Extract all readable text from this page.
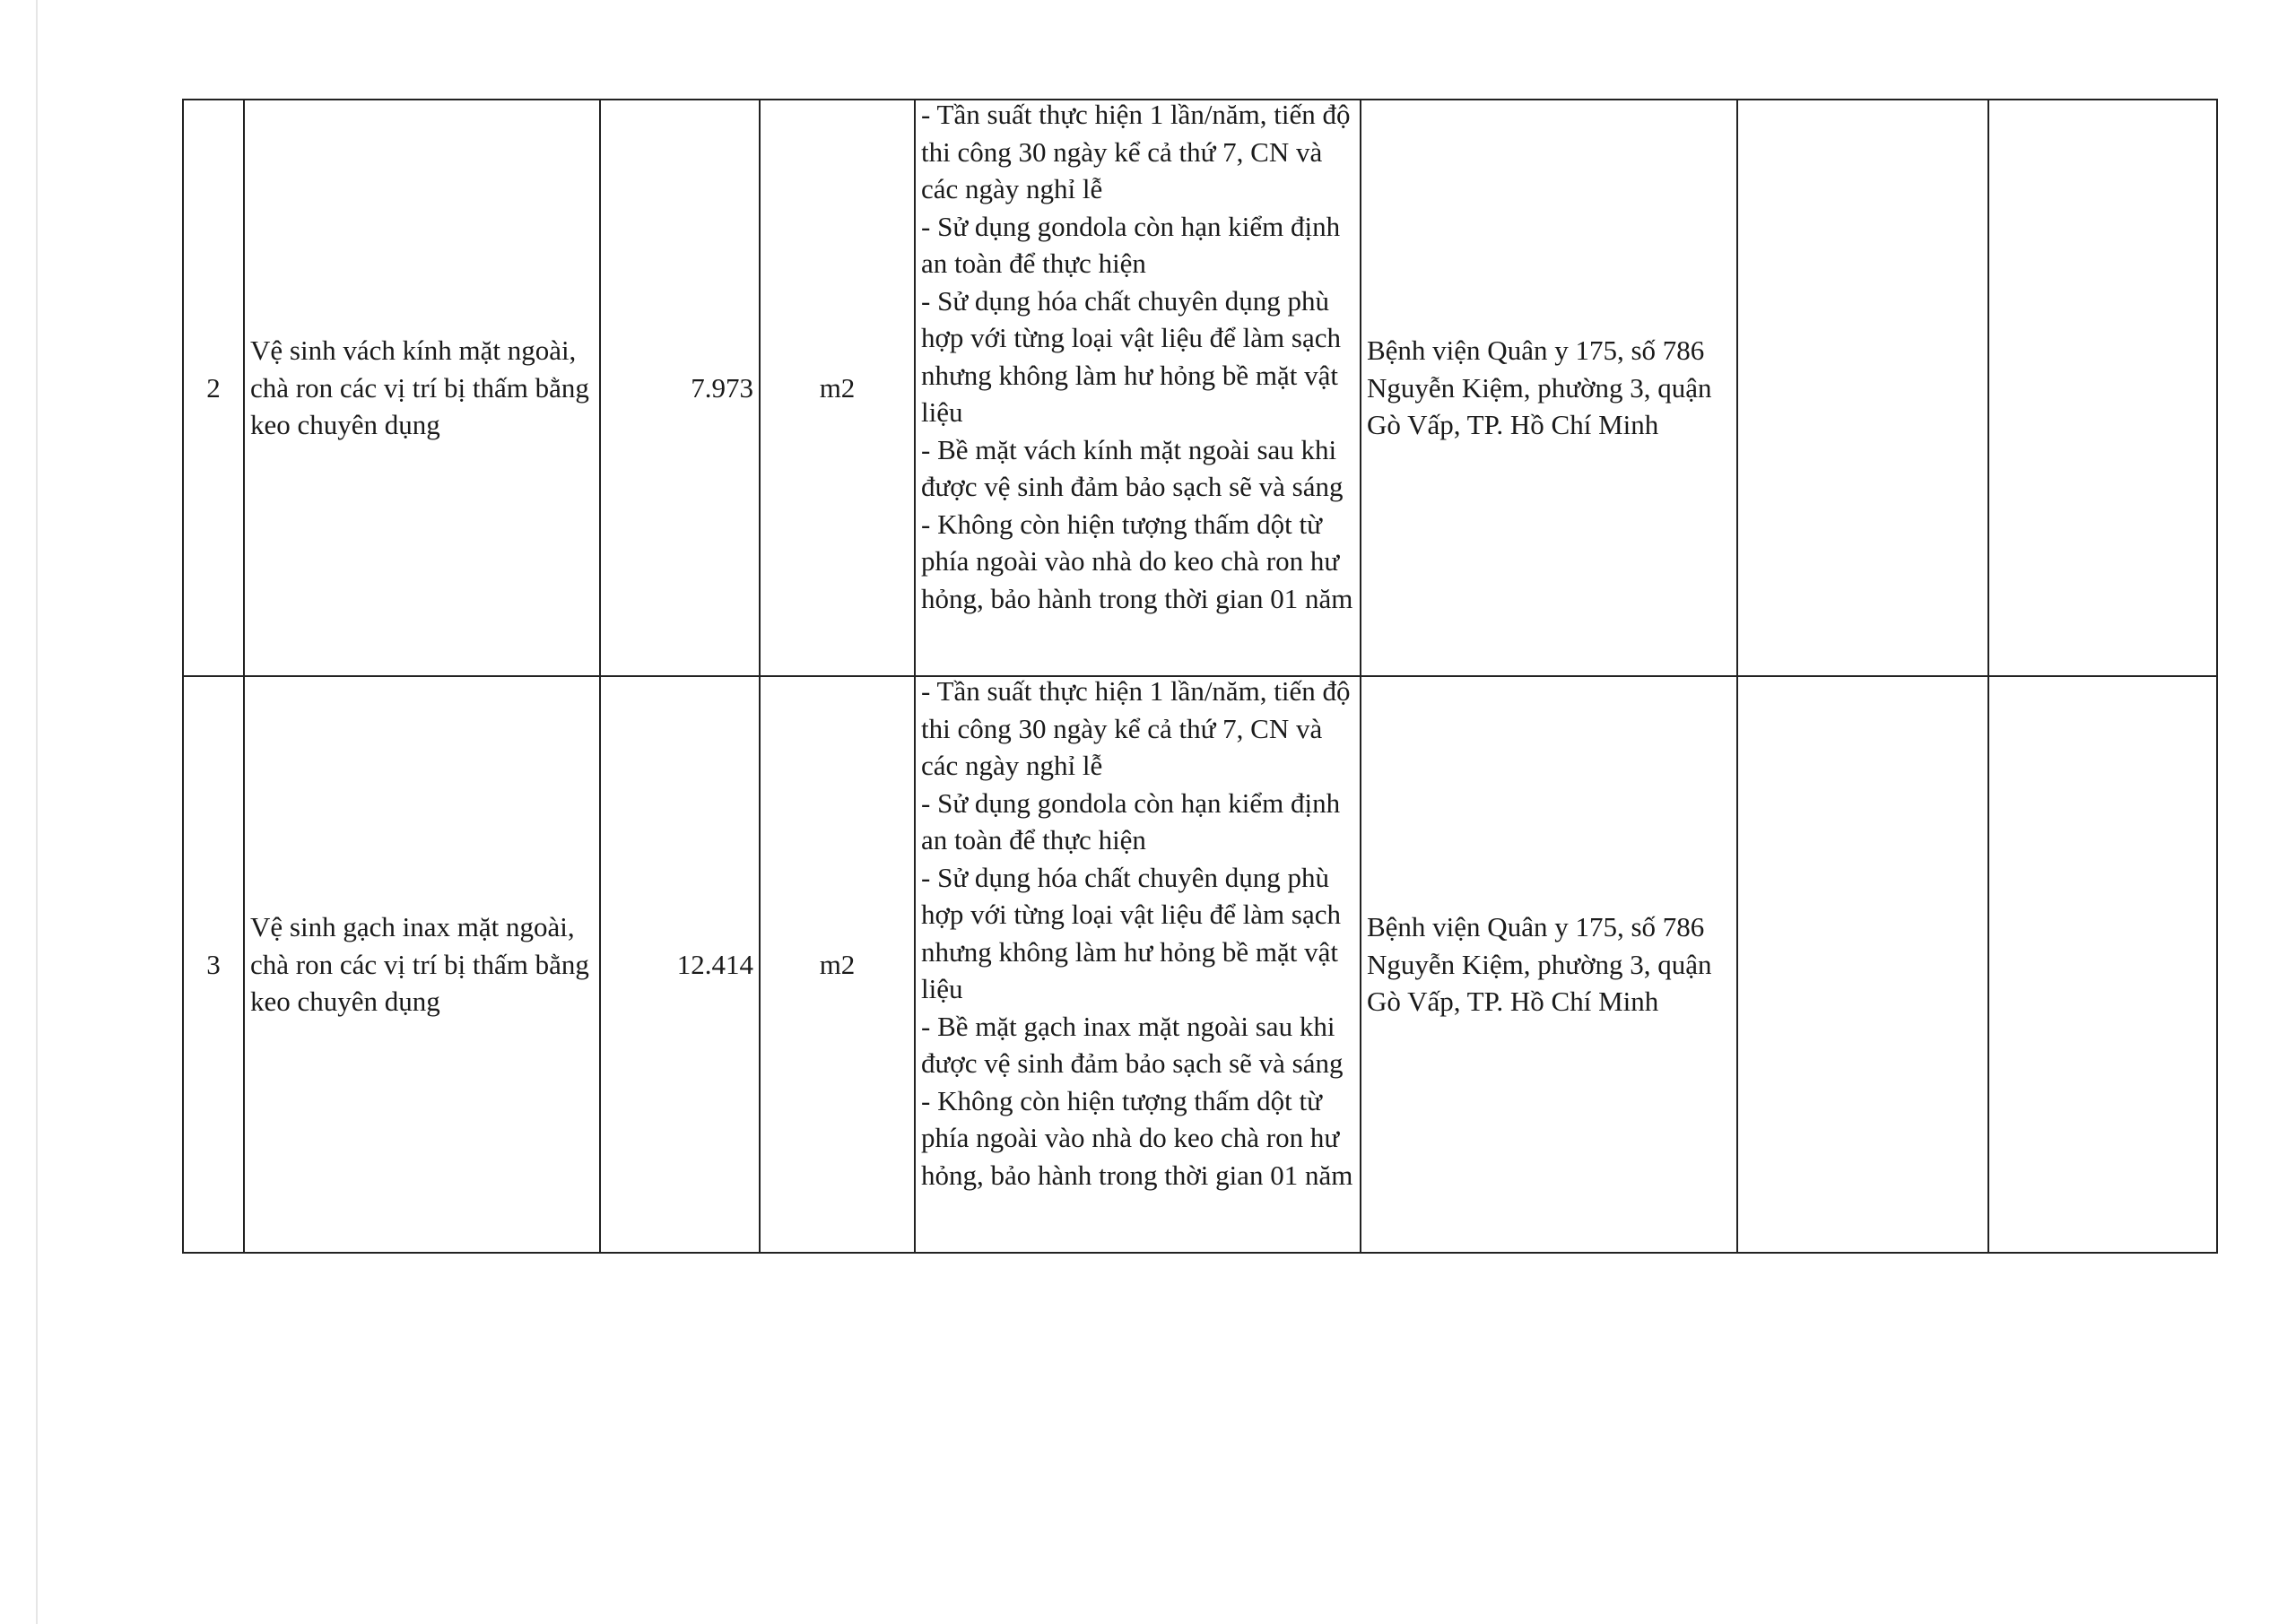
2	Vệ sinh vách kính mặt ngoài, chà ron các vị trí bị thấm bằng keo chuyên dụng	7.973	m2	- Tần suất thực hiện 1 lần/năm, tiến độ thi công 30 ngày kể cả thứ 7, CN và các ngày nghỉ lễ
- Sử dụng gondola còn hạn kiểm định an toàn để thực hiện
- Sử dụng hóa chất chuyên dụng phù hợp với từng loại vật liệu để làm sạch nhưng không làm hư hỏng bề mặt vật liệu
- Bề mặt vách kính mặt ngoài sau khi được vệ sinh đảm bảo sạch sẽ và sáng
- Không còn hiện tượng thấm dột từ phía ngoài vào nhà do keo chà ron hư hỏng, bảo hành trong thời gian 01 năm	Bệnh viện Quân y 175, số 786 Nguyễn Kiệm, phường 3, quận Gò Vấp, TP. Hồ Chí Minh		
3	Vệ sinh gạch inax mặt ngoài, chà ron các vị trí bị thấm bằng keo chuyên dụng	12.414	m2	- Tần suất thực hiện 1 lần/năm, tiến độ thi công 30 ngày kể cả thứ 7, CN và các ngày nghỉ lễ
- Sử dụng gondola còn hạn kiểm định an toàn để thực hiện
- Sử dụng hóa chất chuyên dụng phù hợp với từng loại vật liệu để làm sạch nhưng không làm hư hỏng bề mặt vật liệu
- Bề mặt gạch inax mặt ngoài sau khi được vệ sinh đảm bảo sạch sẽ và sáng
- Không còn hiện tượng thấm dột từ phía ngoài vào nhà do keo chà ron hư hỏng, bảo hành trong thời gian 01 năm	Bệnh viện Quân y 175, số 786 Nguyễn Kiệm, phường 3, quận Gò Vấp, TP. Hồ Chí Minh		
